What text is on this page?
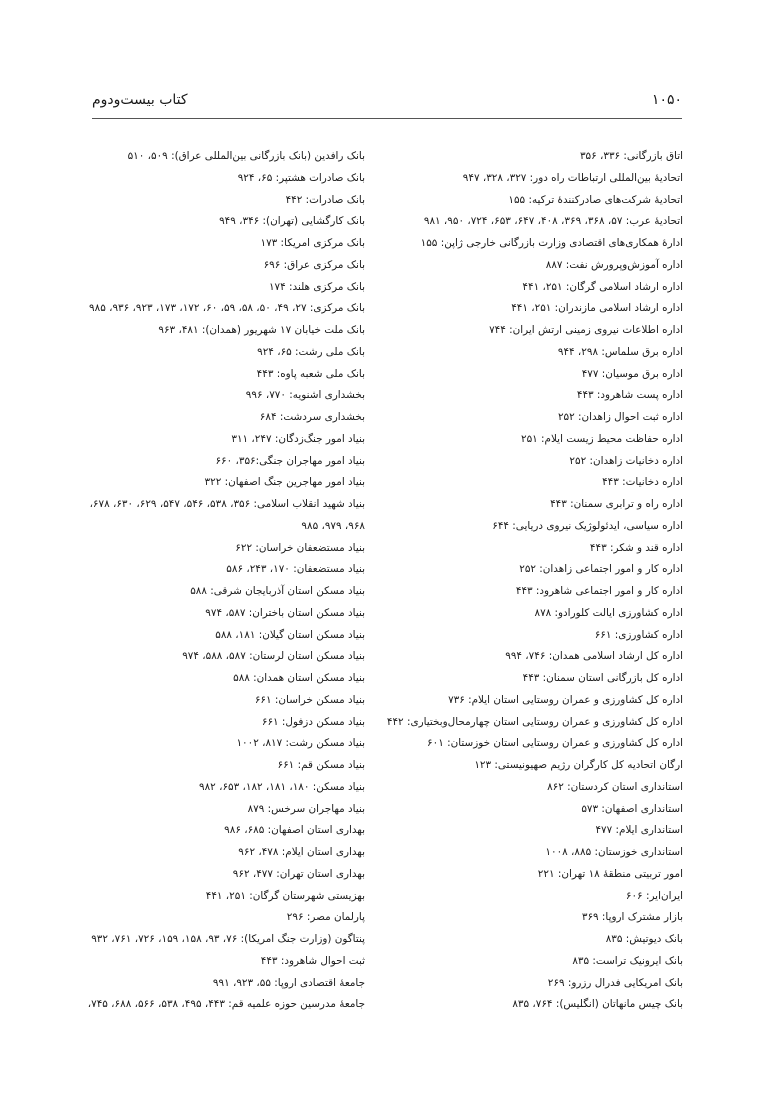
کتاب بیست‌ودوم	۱۰۵۰
اتاق بازرگانی: ۳۳۶، ۳۵۶
اتحادیهٔ بین‌المللی ارتباطات راه دور: ۳۲۷، ۳۲۸، ۹۴۷
اتحادیهٔ شرکت‌های صادرکنندهٔ ترکیه: ۱۵۵
اتحادیهٔ عرب: ۵۷، ۳۶۸، ۳۶۹، ۴۰۸، ۶۴۷، ۶۵۳، ۷۲۴، ۹۵۰، ۹۸۱
ادارهٔ همکاری‌های اقتصادی وزارت بازرگانی خارجی ژاپن: ۱۵۵
اداره آموزش‌وپرورش نفت: ۸۸۷
اداره ارشاد اسلامی گرگان: ۲۵۱، ۴۴۱
اداره ارشاد اسلامی مازندران: ۲۵۱، ۴۴۱
اداره اطلاعات نیروی زمینی ارتش ایران: ۷۴۴
اداره برق سلماس: ۲۹۸، ۹۴۴
اداره برق موسیان: ۴۷۷
اداره پست شاهرود: ۴۴۳
اداره ثبت احوال زاهدان: ۲۵۲
اداره حفاظت محیط زیست ایلام: ۲۵۱
اداره دخانیات زاهدان: ۲۵۲
اداره دخانیات: ۴۴۳
اداره راه و ترابری سمنان: ۴۴۳
اداره سیاسی، ایدئولوژیک نیروی دریایی: ۶۴۴
اداره قند و شکر: ۴۴۳
اداره کار و امور اجتماعی زاهدان: ۲۵۲
اداره کار و امور اجتماعی شاهرود: ۴۴۳
اداره کشاورزی ایالت کلورادو: ۸۷۸
اداره کشاورزی: ۶۶۱
اداره کل ارشاد اسلامی همدان: ۷۴۶، ۹۹۴
اداره کل بازرگانی استان سمنان: ۴۴۳
اداره کل کشاورزی و عمران روستایی استان ایلام: ۷۳۶
اداره کل کشاورزی و عمران روستایی استان چهارمحال‌وبختیاری: ۴۴۲
اداره کل کشاورزی و عمران روستایی استان خوزستان: ۶۰۱
ارگان اتحادیه کل کارگران رژیم صهیونیستی: ۱۲۳
استانداری استان کردستان: ۸۶۲
استانداری اصفهان: ۵۷۳
استانداری ایلام: ۴۷۷
استانداری خوزستان: ۸۸۵، ۱۰۰۸
امور تربیتی منطقهٔ ۱۸ تهران: ۲۲۱
ایران‌ایر: ۶۰۶
بازار مشترک اروپا: ۳۶۹
بانک دیوتیش: ۸۳۵
بانک ایرونیک تراست: ۸۳۵
بانک امریکایی فدرال رزرو: ۲۶۹
بانک چیس مانهاتان (انگلیس): ۷۶۴، ۸۳۵
بانک رافدین (بانک بازرگانی بین‌المللی عراق): ۵۰۹، ۵۱۰
بانک صادرات هشتپر: ۶۵، ۹۲۴
بانک صادرات: ۴۴۲
بانک کارگشایی (تهران): ۳۴۶، ۹۴۹
بانک مرکزی امریکا: ۱۷۳
بانک مرکزی عراق: ۶۹۶
بانک مرکزی هلند: ۱۷۴
بانک مرکزی: ۲۷، ۴۹، ۵۰، ۵۸، ۵۹، ۶۰، ۱۷۲، ۱۷۳، ۹۲۳، ۹۳۶، ۹۸۵
بانک ملت خیابان ۱۷ شهریور (همدان): ۴۸۱، ۹۶۳
بانک ملی رشت: ۶۵، ۹۲۴
بانک ملی شعبه پاوه: ۴۴۳
بخشداری اشنویه: ۷۷۰، ۹۹۶
بخشداری سردشت: ۶۸۴
بنیاد امور جنگ‌زدگان: ۲۴۷، ۳۱۱
بنیاد امور مهاجران جنگی:۳۵۶، ۶۶۰
بنیاد امور مهاجرین جنگ اصفهان: ۳۲۲
بنیاد شهید انقلاب اسلامی: ۳۵۶، ۵۳۸، ۵۴۶، ۵۴۷، ۶۲۹، ۶۳۰، ۶۷۸، ۹۶۸، ۹۷۹، ۹۸۵
بنیاد مستضعفان خراسان: ۶۲۲
بنیاد مستضعفان: ۱۷۰، ۲۴۳، ۵۸۶
بنیاد مسکن استان آذربایجان شرقی: ۵۸۸
بنیاد مسکن استان باختران: ۵۸۷، ۹۷۴
بنیاد مسکن استان گیلان: ۱۸۱، ۵۸۸
بنیاد مسکن استان لرستان: ۵۸۷، ۵۸۸، ۹۷۴
بنیاد مسکن استان همدان: ۵۸۸
بنیاد مسکن خراسان: ۶۶۱
بنیاد مسکن دزفول: ۶۶۱
بنیاد مسکن رشت: ۸۱۷، ۱۰۰۲
بنیاد مسکن قم: ۶۶۱
بنیاد مسکن: ۱۸۰، ۱۸۱، ۱۸۲، ۶۵۳، ۹۸۲
بنیاد مهاجران سرخس: ۸۷۹
بهداری استان اصفهان: ۶۸۵، ۹۸۶
بهداری استان ایلام: ۴۷۸، ۹۶۲
بهداری استان تهران: ۴۷۷، ۹۶۲
بهزیستی شهرستان گرگان: ۲۵۱، ۴۴۱
پارلمان مصر: ۲۹۶
پنتاگون (وزارت جنگ امریکا): ۷۶، ۹۳، ۱۵۸، ۱۵۹، ۷۲۶، ۷۶۱، ۹۳۲
ثبت احوال شاهرود: ۴۴۳
جامعهٔ اقتصادی اروپا: ۵۵، ۹۲۳، ۹۹۱
جامعهٔ مدرسین حوزه علمیه قم: ۴۴۳، ۴۹۵، ۵۳۸، ۵۶۶، ۶۸۸، ۷۴۵،
